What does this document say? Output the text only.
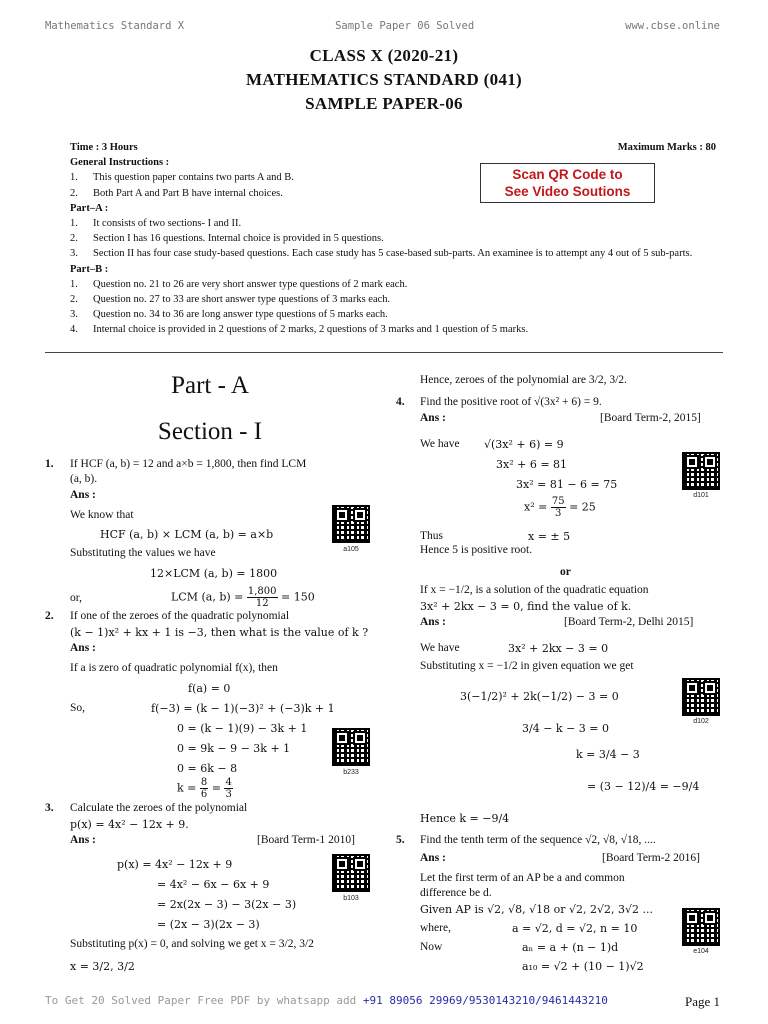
Mathematics Standard X	Sample Paper 06 Solved	www.cbse.online
CLASS X (2020-21)
MATHEMATICS STANDARD (041)
SAMPLE PAPER-06
Time : 3 Hours	Maximum Marks : 80
General Instructions :
1.	This question paper contains two parts A and B.
2.	Both Part A and Part B have internal choices.
Part–A :
1.	It consists of two sections- I and II.
2.	Section I has 16 questions. Internal choice is provided in 5 questions.
3.	Section II has four case study-based questions. Each case study has 5 case-based sub-parts. An examinee is to attempt any 4 out of 5 sub-parts.
Part–B :
1.	Question no. 21 to 26 are very short answer type questions of 2 mark each.
2.	Question no. 27 to 33 are short answer type questions of 3 marks each.
3.	Question no. 34 to 36 are long answer type questions of 5 marks each.
4.	Internal choice is provided in 2 questions of 2 marks, 2 questions of 3 marks and 1 question of 5 marks.
Scan QR Code to
See Video Soutions
Part - A
Section - I
1. If HCF (a, b) = 12 and a×b = 1,800, then find LCM
(a, b).
Ans :
We know that
HCF (a, b) × LCM (a, b) = a×b
Substituting the values we have
12×LCM (a, b) = 1800
or,	LCM (a, $b) = \frac{1,800}{12} = 150$
a105
2. If one of the zeroes of the quadratic polynomial
(k − 1)x² + kx + 1 is −3, then what is the value of k ?
Ans :
If a is zero of quadratic polynomial f(x), then
f(a) = 0
So,	f(−3) = (k − 1)(−3)² + (−3)k + 1
0 = (k − 1)(9) − 3k + 1
0 = 9k − 9 − 3k + 1
0 = 6k − 8
$k = \frac{8}{6} = \frac{4}{3}$
b233
3. Calculate the zeroes of the polynomial
p(x) = 4x² − 12x + 9.
Ans :	[Board Term-1 2010]
p(x) = 4x² − 12x + 9
= 4x² − 6x − 6x + 9
= 2x(2x − 3) − 3(2x − 3)
= (2x − 3)(2x − 3)
Substituting p(x) = 0, and solving we get x = 3/2, 3/2
x = 3/2, 3/2
b103
Hence, zeroes of the polynomial are 3/2, 3/2.
4. Find the positive root of √(3x² + 6) = 9.
Ans :	[Board Term-2, 2015]
We have √(3x² + 6) = 9
3x² + 6 = 81
3x² = 81 − 6 = 75
$x^2 = \frac{75}{3} = 25$
Thus	x = ± 5
Hence 5 is positive root.
d101
or
If x = −1/2, is a solution of the quadratic equation
3x² + 2kx − 3 = 0, find the value of k.
Ans :	[Board Term-2, Delhi 2015]
We have	3x² + 2kx − 3 = 0
Substituting x = −1/2 in given equation we get
3(−1/2)² + 2k(−1/2) − 3 = 0
3/4 − k − 3 = 0
k = 3/4 − 3
= (3 − 12)/4 = −9/4
Hence k = −9/4
d102
5. Find the tenth term of the sequence √2, √8, √18, ....
Ans :	[Board Term-2 2016]
Let the first term of an AP be a and common
difference be d.
Given AP is √2, √8, √18 or √2, 2√2, 3√2 ...
where,	a = √2, d = √2, n = 10
Now	aₙ = a + (n − 1)d
a₁₀ = √2 + (10 − 1)√2
e104
To Get 20 Solved Paper Free PDF by whatsapp add +91 89056 29969/9530143210/9461443210	Page 1
